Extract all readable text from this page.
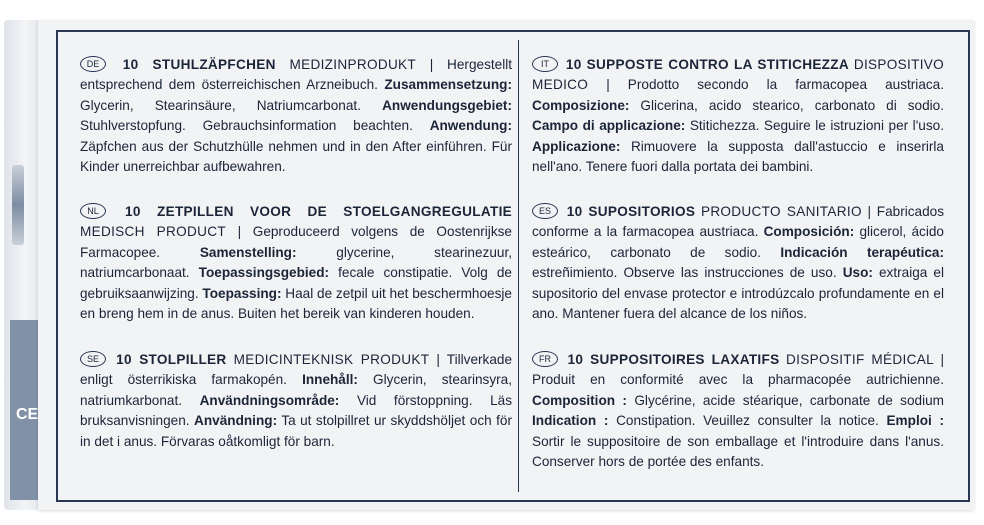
CE
DE 10 STUHLZÄPFCHEN MEDIZINPRODUKT | Hergestellt entsprechend dem österreichischen Arzneibuch. Zusammensetzung: Glycerin, Stearinsäure, Natriumcarbonat. Anwendungsgebiet: Stuhlverstopfung. Gebrauchsinformation beachten. Anwendung: Zäpfchen aus der Schutzhülle nehmen und in den After einführen. Für Kinder unerreichbar aufbewahren.
NL 10 ZETPILLEN VOOR DE STOELGANGREGULATIE MEDISCH PRODUCT | Geproduceerd volgens de Oostenrijkse Farmacopee.	Samenstelling:	glycerine, stearinezuur, natriumcarbonaat. Toepassingsgebied: fecale constipatie. Volg de gebruiksaanwijzing. Toepassing: Haal de zetpil uit het beschermhoesje en breng hem in de anus. Buiten het bereik van kinderen houden.
SE 10 STOLPILLER MEDICINTEKNISK PRODUKT | Tillverkade enligt österrikiska farmakopén. Innehåll: Glycerin, stearinsyra, natriumkarbonat. Användningsområde: Vid förstoppning. Läs bruksanvisningen. Användning: Ta ut stolpillret ur skyddshöljet och för in det i anus. Förvaras oåtkomligt för barn.
IT 10 SUPPOSTE CONTRO LA STITICHEZZA DISPOSITIVO MEDICO | Prodotto secondo la farmacopea austriaca. Composizione: Glicerina, acido stearico, carbonato di sodio. Campo di applicazione: Stitichezza. Seguire le istruzioni per l'uso. Applicazione: Rimuovere la supposta dall'astuccio e inserirla nell'ano. Tenere fuori dalla portata dei bambini.
ES 10 SUPOSITORIOS PRODUCTO SANITARIO | Fabricados conforme a la farmacopea austriaca. Composición: glicerol, ácido esteárico, carbonato de sodio. Indicación terapéutica: estreñimiento. Observe las instrucciones de uso. Uso: extraiga el supositorio del envase protector e introdúzcalo profundamente en el ano. Mantener fuera del alcance de los niños.
FR 10 SUPPOSITOIRES LAXATIFS DISPOSITIF MÉDICAL | Produit en conformité avec la pharmacopée autrichienne. Composition : Glycérine, acide stéarique, carbonate de sodium Indication : Constipation. Veuillez consulter la notice. Emploi : Sortir le suppositoire de son emballage et l'introduire dans l'anus. Conserver hors de portée des enfants.
